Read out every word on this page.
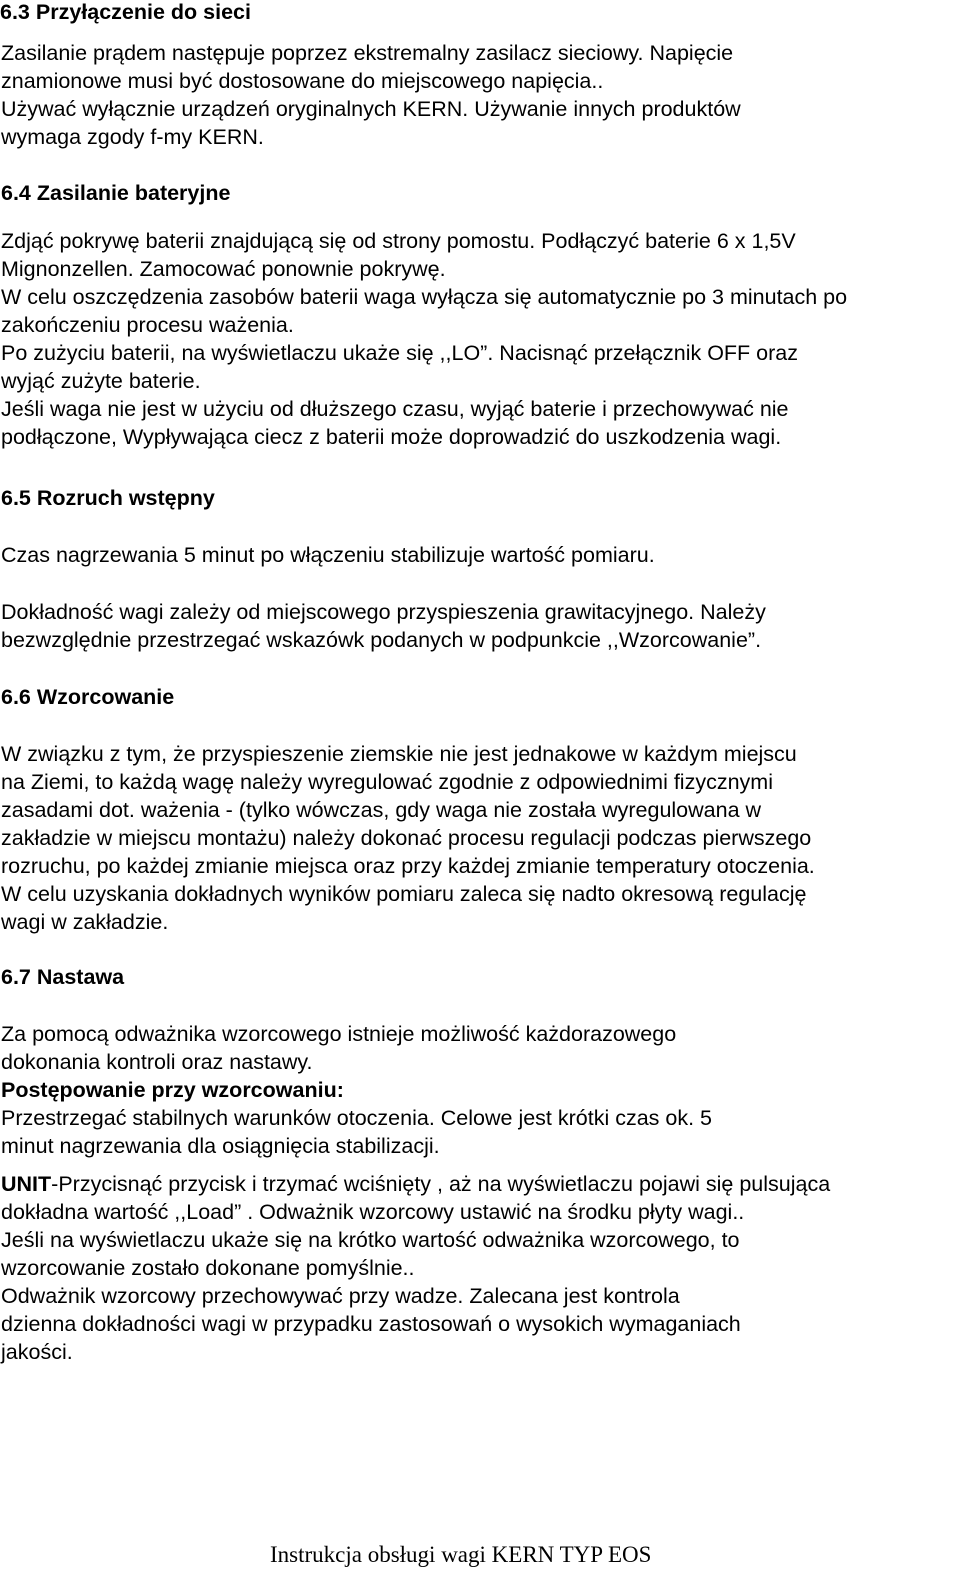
6.3 Przyłączenie do sieci
Zasilanie prądem następuje poprzez ekstremalny zasilacz sieciowy. Napięcie
znamionowe musi być dostosowane do miejscowego napięcia..
Używać wyłącznie urządzeń oryginalnych KERN. Używanie innych produktów
wymaga zgody f-my KERN.
6.4 Zasilanie bateryjne
Zdjąć pokrywę baterii znajdującą się od strony pomostu. Podłączyć baterie 6 x 1,5V
Mignonzellen. Zamocować ponownie pokrywę.
W celu oszczędzenia zasobów baterii waga wyłącza się automatycznie po 3 minutach po
zakończeniu procesu ważenia.
Po zużyciu baterii, na wyświetlaczu ukaże się ,,LO”. Nacisnąć przełącznik OFF oraz
wyjąć zużyte baterie.
Jeśli waga nie jest w użyciu od dłuższego czasu, wyjąć baterie i przechowywać nie
podłączone, Wypływająca ciecz z baterii może doprowadzić do uszkodzenia wagi.
6.5 Rozruch wstępny
Czas nagrzewania 5 minut po włączeniu stabilizuje wartość pomiaru.
Dokładność wagi zależy od miejscowego przyspieszenia grawitacyjnego. Należy
bezwzględnie przestrzegać wskazówk podanych w podpunkcie ,,Wzorcowanie”.
6.6 Wzorcowanie
W związku z tym, że przyspieszenie ziemskie nie jest jednakowe w każdym miejscu
na Ziemi, to każdą wagę należy wyregulować zgodnie z odpowiednimi fizycznymi
zasadami dot. ważenia - (tylko wówczas, gdy waga nie została wyregulowana w
zakładzie w miejscu montażu) należy dokonać procesu regulacji podczas pierwszego
rozruchu, po każdej zmianie miejsca oraz przy każdej zmianie temperatury otoczenia.
W celu uzyskania dokładnych wyników pomiaru zaleca się nadto okresową regulację
wagi w zakładzie.
6.7 Nastawa
Za pomocą odważnika wzorcowego istnieje możliwość każdorazowego
dokonania kontroli oraz nastawy.
Postępowanie przy wzorcowaniu:
Przestrzegać stabilnych warunków otoczenia. Celowe jest krótki czas ok. 5
minut nagrzewania dla osiągnięcia stabilizacji.
UNIT-Przycisnąć przycisk i trzymać wciśnięty , aż na wyświetlaczu pojawi się pulsująca
dokładna wartość ,,Load” . Odważnik wzorcowy ustawić na środku płyty wagi..
Jeśli na wyświetlaczu ukaże się na krótko wartość odważnika wzorcowego, to
wzorcowanie zostało dokonane pomyślnie..
Odważnik wzorcowy przechowywać przy wadze. Zalecana jest kontrola
dzienna dokładności wagi w przypadku zastosowań o wysokich wymaganiach
jakości.
Instrukcja obsługi wagi KERN TYP EOS
